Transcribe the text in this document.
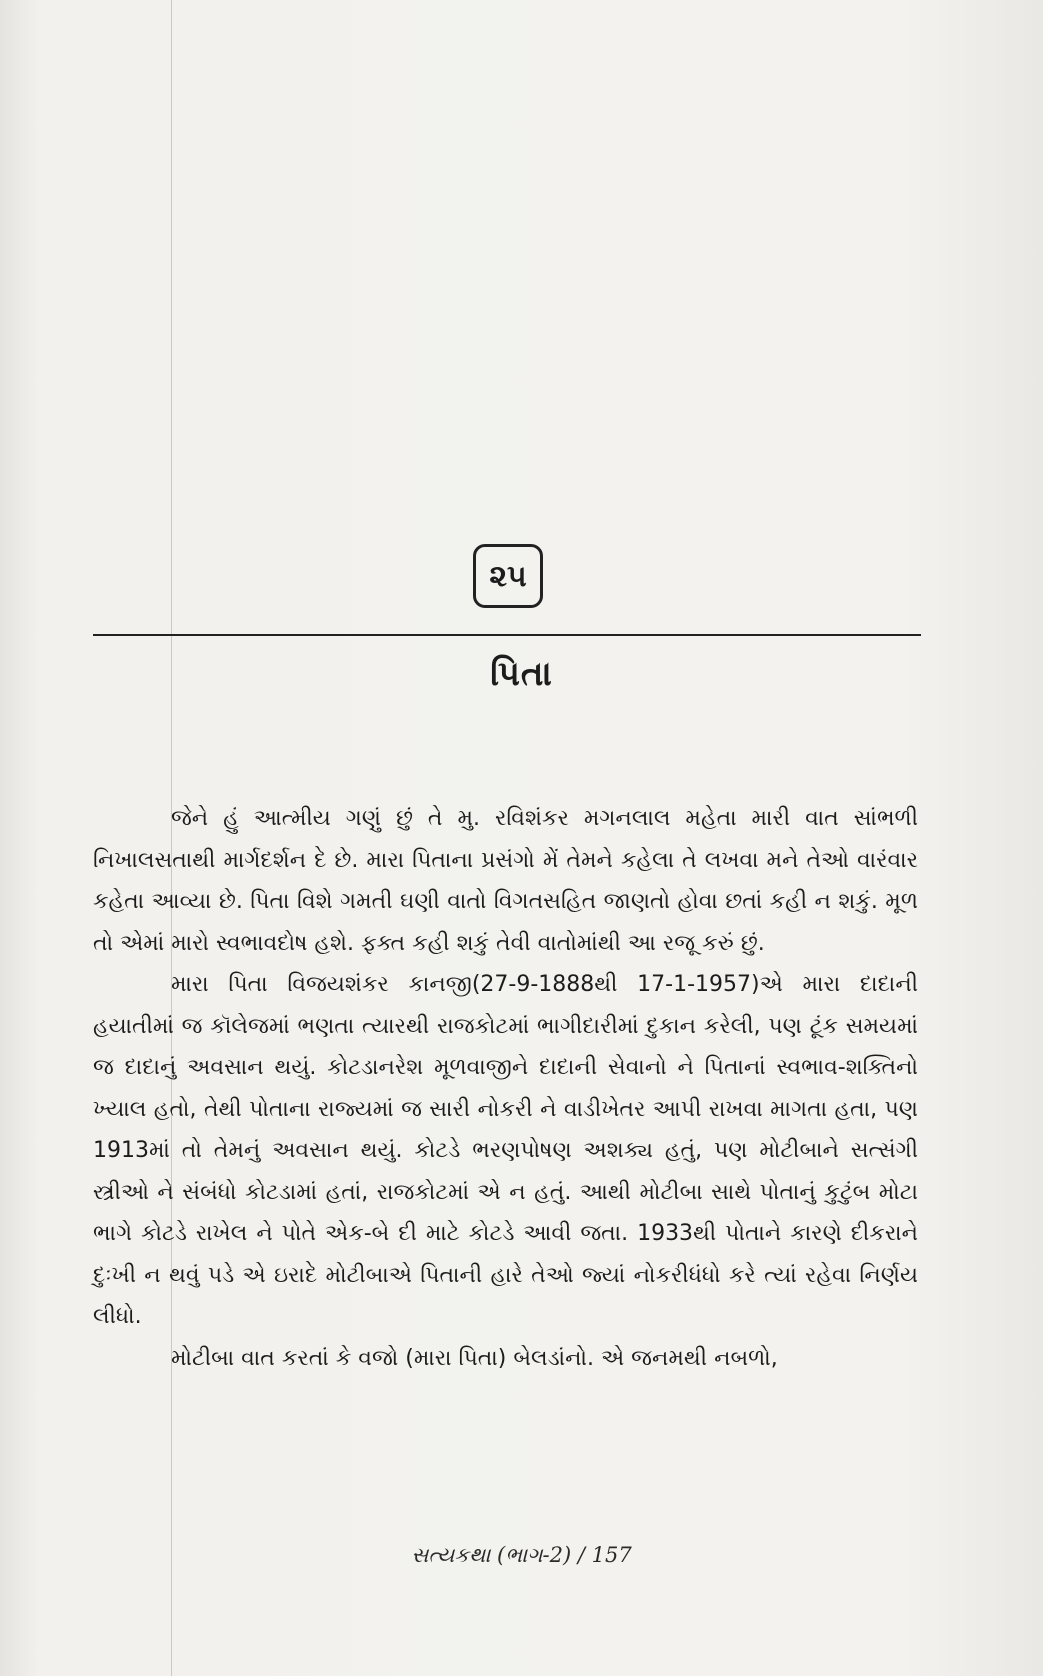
૨૫
પિતા

જેને હું આત્મીય ગણું છું તે મુ. રવિશંકર મગનલાલ મહેતા મારી વાત સાંભળી નિખાલસતાથી માર્ગદર્શન દે છે. મારા પિતાના પ્રસંગો મેં તેમને કહેલા તે લખવા મને તેઓ વારંવાર કહેતા આવ્યા છે. પિતા વિશે ગમતી ઘણી વાતો વિગતસહિત જાણતો હોવા છતાં કહી ન શકું. મૂળ તો એમાં મારો સ્વભાવદોષ હશે. ફક્ત કહી શકું તેવી વાતોમાંથી આ રજૂ કરું છું.

મારા પિતા વિજયશંકર કાનજી(27-9-1888થી 17-1-1957)એ મારા દાદાની હયાતીમાં જ કૉલેજમાં ભણતા ત્યારથી રાજકોટમાં ભાગીદારીમાં દુકાન કરેલી, પણ ટૂંક સમયમાં જ દાદાનું અવસાન થયું. કોટડાનરેશ મૂળવાજીને દાદાની સેવાનો ને પિતાનાં સ્વભાવ-શક્તિનો ખ્યાલ હતો, તેથી પોતાના રાજ્યમાં જ સારી નોકરી ને વાડીખેતર આપી રાખવા માગતા હતા, પણ 1913માં તો તેમનું અવસાન થયું. કોટડે ભરણપોષણ અશક્ય હતું, પણ મોટીબાને સત્સંગી સ્ત્રીઓ ને સંબંધો કોટડામાં હતાં, રાજકોટમાં એ ન હતું. આથી મોટીબા સાથે પોતાનું કુટુંબ મોટા ભાગે કોટડે રાખેલ ને પોતે એક-બે દી માટે કોટડે આવી જતા. 1933થી પોતાને કારણે દીકરાને દુઃખી ન થવું પડે એ ઇરાદે મોટીબાએ પિતાની હારે તેઓ જ્યાં નોકરીધંધો કરે ત્યાં રહેવા નિર્ણય લીધો.

મોટીબા વાત કરતાં કે વજો (મારા પિતા) બેલડાંનો. એ જનમથી નબળો,

સત્યકથા (ભાગ-2) / 157
